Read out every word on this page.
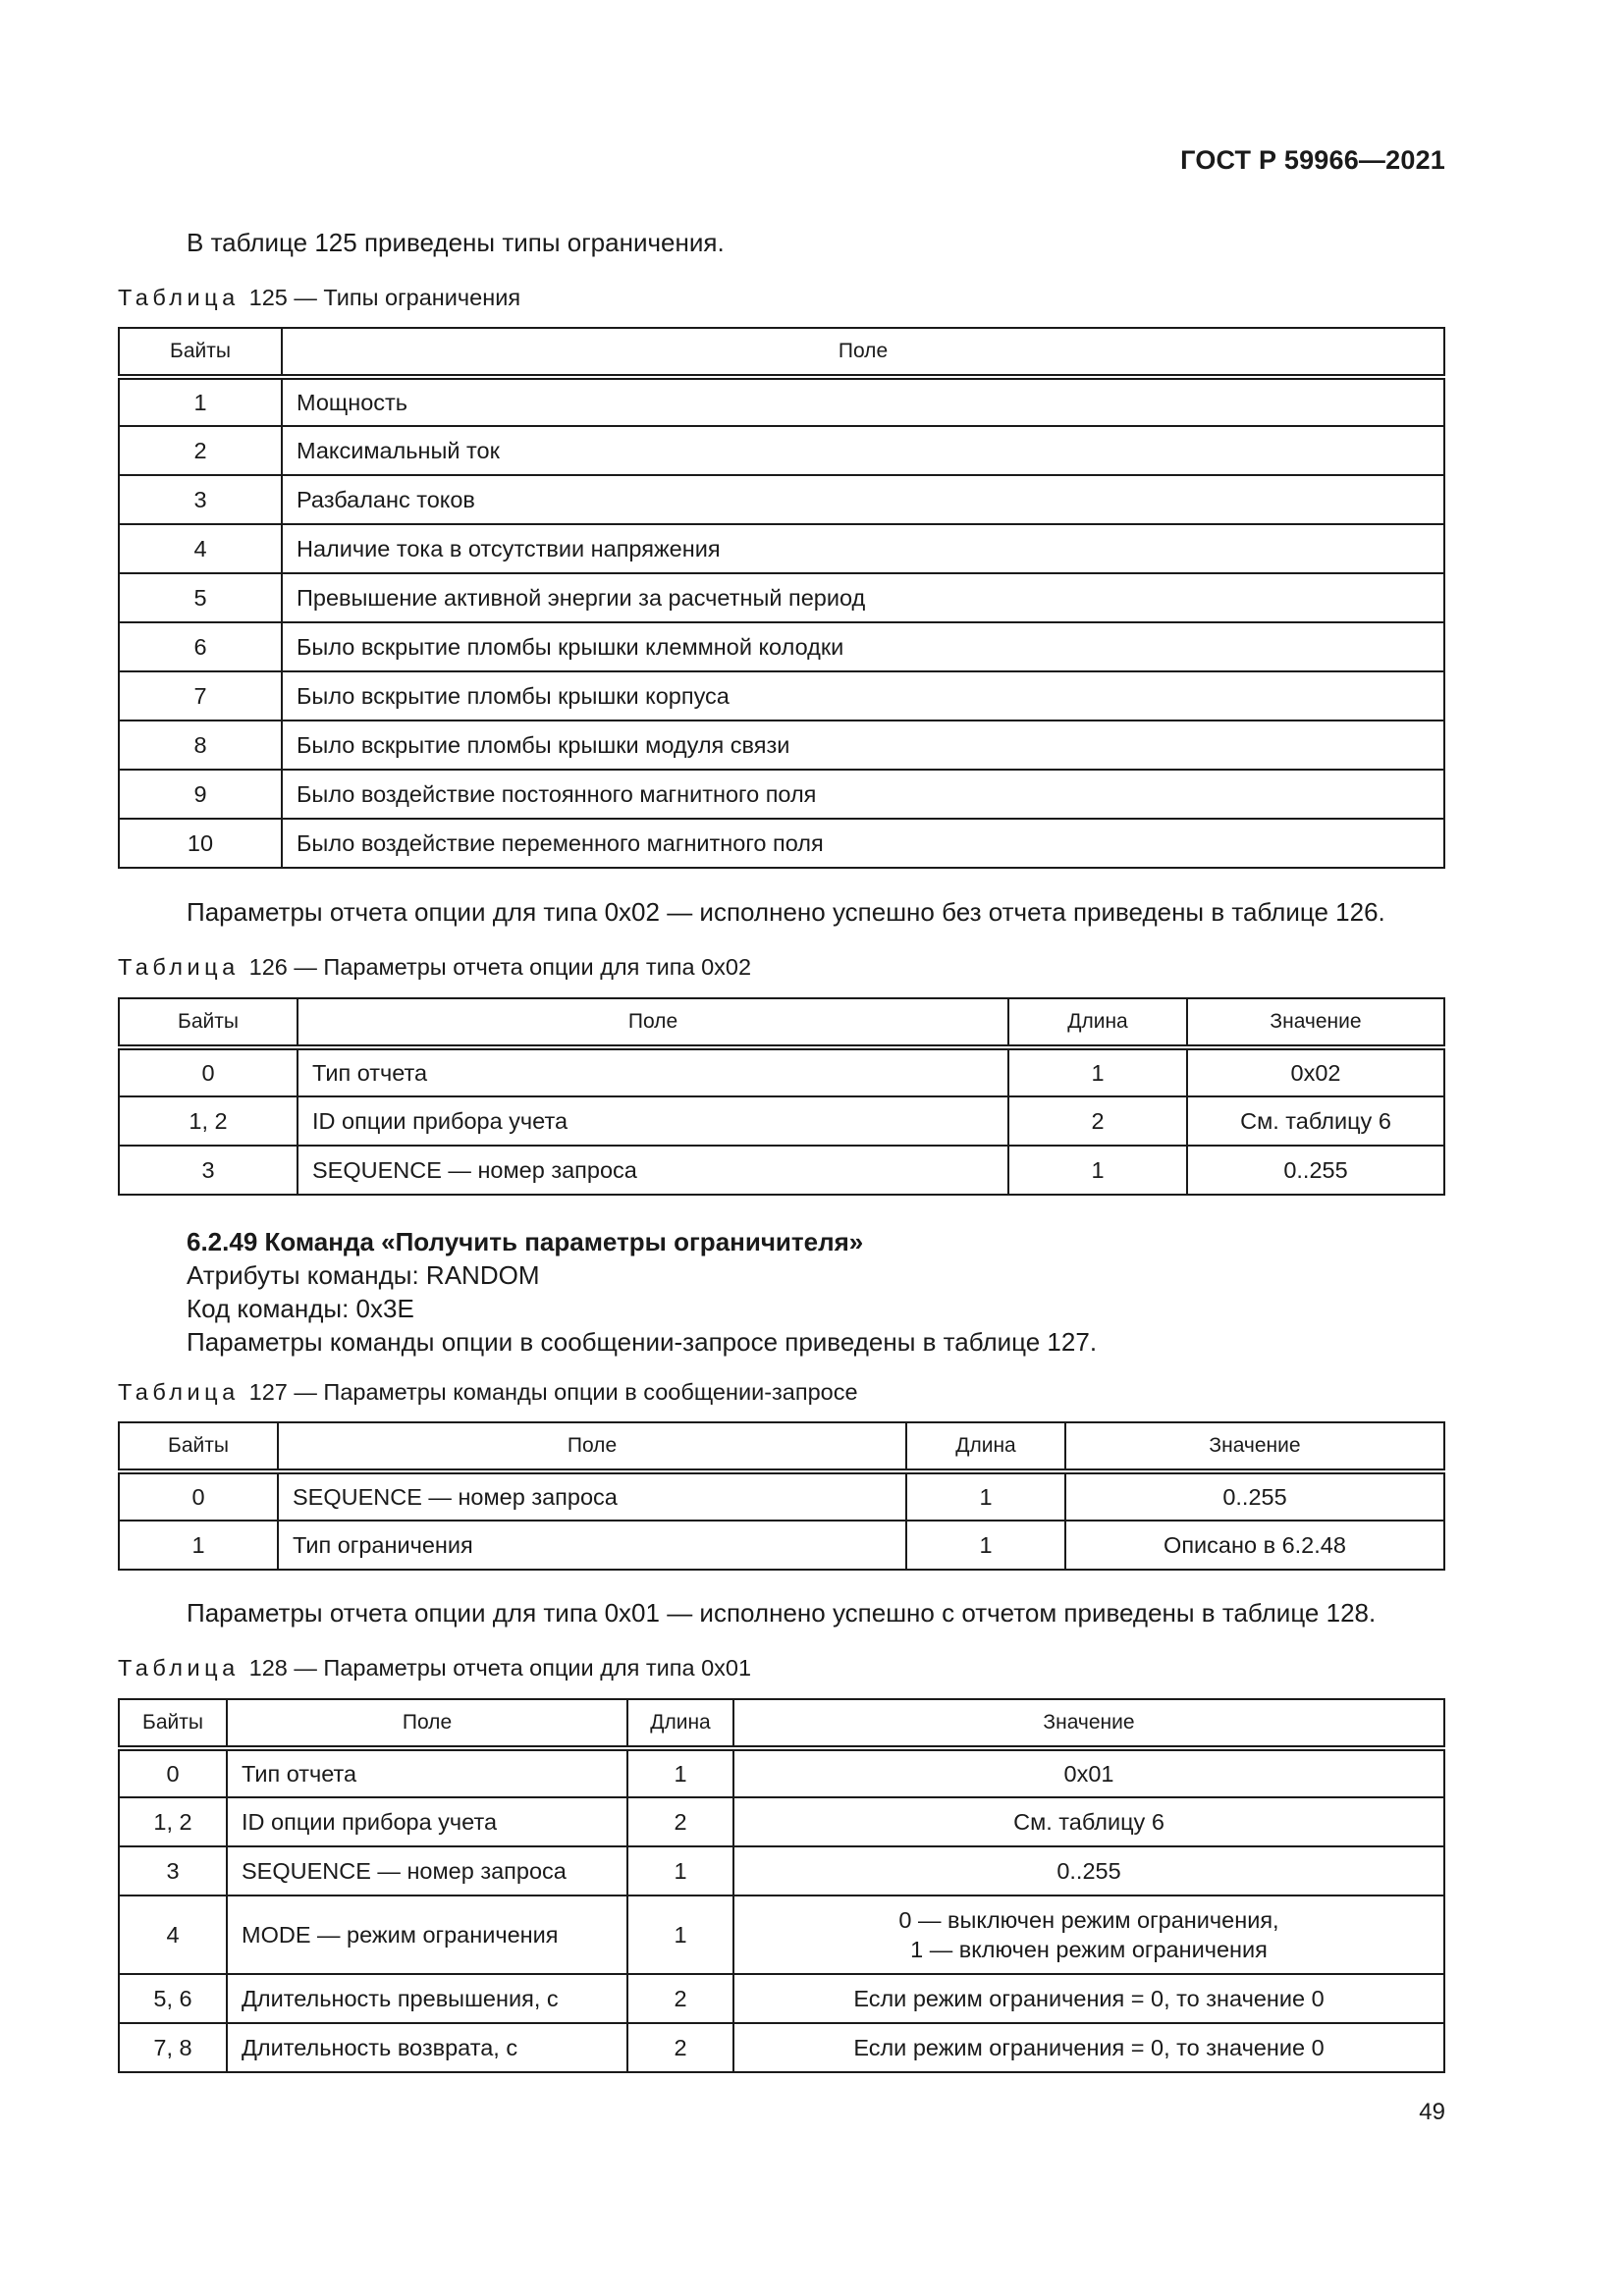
ГОСТ Р 59966—2021
В таблице 125 приведены типы ограничения.
Таблица 125 — Типы ограничения
Байты	Поле
1	Мощность
2	Максимальный ток
3	Разбаланс токов
4	Наличие тока в отсутствии напряжения
5	Превышение активной энергии за расчетный период
6	Было вскрытие пломбы крышки клеммной колодки
7	Было вскрытие пломбы крышки корпуса
8	Было вскрытие пломбы крышки модуля связи
9	Было воздействие постоянного магнитного поля
10	Было воздействие переменного магнитного поля
Параметры отчета опции для типа 0x02 — исполнено успешно без отчета приведены в таблице 126.
Таблица 126 — Параметры отчета опции для типа 0x02
Байты	Поле	Длина	Значение
0	Тип отчета	1	0x02
1, 2	ID опции прибора учета	2	См. таблицу 6
3	SEQUENCE — номер запроса	1	0..255
6.2.49 Команда «Получить параметры ограничителя»
Атрибуты команды: RANDOM
Код команды: 0x3E
Параметры команды опции в сообщении-запросе приведены в таблице 127.
Таблица 127 — Параметры команды опции в сообщении-запросе
Байты	Поле	Длина	Значение
0	SEQUENCE — номер запроса	1	0..255
1	Тип ограничения	1	Описано в 6.2.48
Параметры отчета опции для типа 0x01 — исполнено успешно с отчетом приведены в таблице 128.
Таблица 128 — Параметры отчета опции для типа 0x01
Байты	Поле	Длина	Значение
0	Тип отчета	1	0x01
1, 2	ID опции прибора учета	2	См. таблицу 6
3	SEQUENCE — номер запроса	1	0..255
4	MODE — режим ограничения	1	0 — выключен режим ограничения,
1 — включен режим ограничения

5, 6	Длительность превышения, с	2	Если режим ограничения = 0, то значение 0
7, 8	Длительность возврата, с	2	Если режим ограничения = 0, то значение 0
49
